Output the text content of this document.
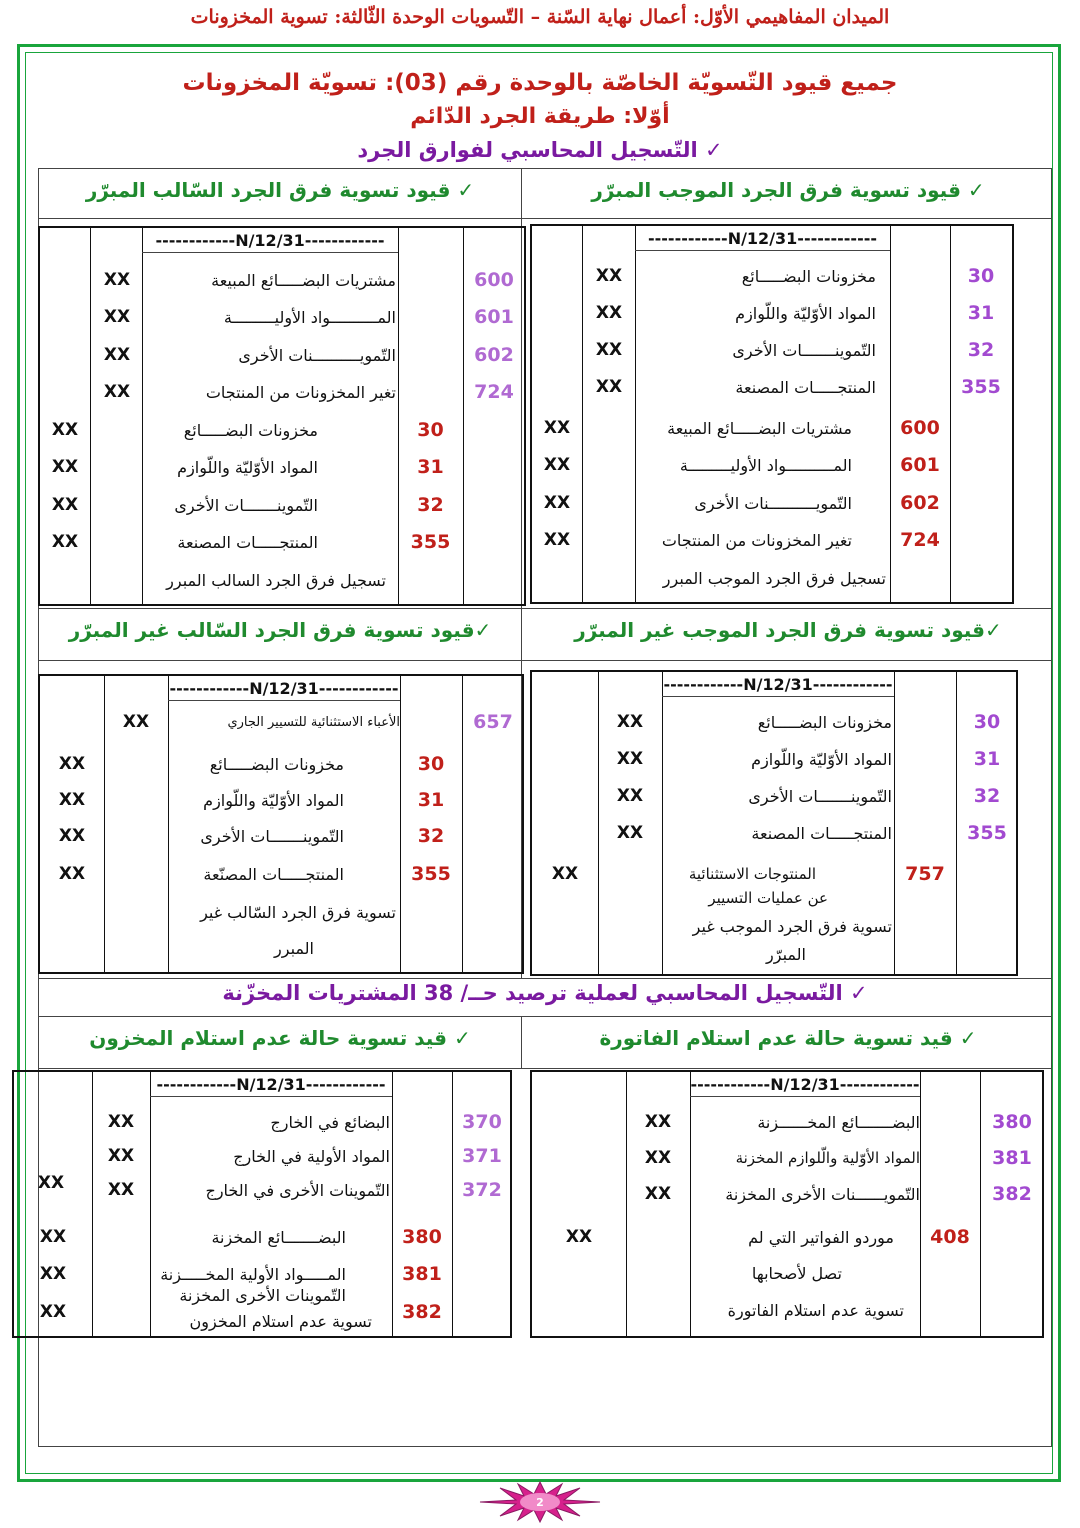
الميدان المفاهيمي الأوّل: أعمال نهاية السّنة – التّسويات الوحدة الثّالثة: تسوية المخزونات
جميع قيود التّسويّة الخاصّة بالوحدة رقم (03): تسويّة المخزونات
أوّلا: طريقة الجرد الدّائم
✓ التّسجيل المحاسبي لفوارق الجرد
✓ قيود تسوية فرق الجرد الموجب المبرّر
✓ قيود تسوية فرق الجرد السّالب المبرّر
✓قيود تسوية فرق الجرد الموجب غير المبرّر
✓قيود تسوية فرق الجرد السّالب غير المبرّر
✓ التّسجيل المحاسبي لعملية ترصيد حــ/ 38 المشتريات المخزّنة
✓ قيد تسوية حالة عدم استلام الفاتورة
✓ قيد تسوية حالة عدم استلام المخزون
------------N/12/31------------
30
مخزونات البضـــــائع
XX
31
المواد الأوّليّة واللّوازم
XX
32
التّموينـــــــات الأخرى
XX
355
المنتجـــــات المصنعة
XX
600
مشتريات البضـــــائع المبيعة
XX
601
المــــــــــواد الأوليـــــــــة
XX
602
التّمويــــــــــنات الأخرى
XX
724
تغير المخزونات من المنتجات
XX
تسجيل فرق الجرد الموجب المبرر
------------N/12/31------------
600
مشتريات البضـــــائع المبيعة
XX
601
المــــــــــواد الأوليـــــــــة
XX
602
التّمويــــــــــنات الأخرى
XX
724
تغير المخزونات من المنتجات
XX
30
مخزونات البضـــــائع
XX
31
المواد الأوّليّة واللّوازم
XX
32
التّموينـــــــات الأخرى
XX
355
المنتجـــــات المصنعة
XX
تسجيل فرق الجرد السالب المبرر
------------N/12/31------------
30
مخزونات البضـــــائع
XX
31
المواد الأوّليّة واللّوازم
XX
32
التّموينـــــــات الأخرى
XX
355
المنتجـــــات المصنعة
XX
757
المنتوجات الاستثنائية
XX
عن عمليات التسيير
تسوية فرق الجرد الموجب غير
المبرّر
------------N/12/31------------
657
الأعباء الاستثنائية للتسيير الجاري
XX
30
مخزونات البضـــــائع
XX
31
المواد الأوّليّة واللّوازم
XX
32
التّموينـــــــات الأخرى
XX
355
المنتجـــــات المصنّعة
XX
تسوية فرق الجرد السّالب غير
المبرر
------------N/12/31------------
380
البضـــــــائع المخــــــزنة
XX
381
المواد الأوّلية والّلوازم المخزنة
XX
382
التّمويــــــنات الأخرى المخزنة
XX
408
موردو الفواتير التي لم
XX
تصل لأصحابها
تسوية عدم استلام الفاتورة
------------N/12/31------------
370
البضائع في الخارج
XX
371
المواد الأولية في الخارج
XX
372
التّموينات الأخرى في الخارج
XX
380
البضـــــــائع المخزنة
XX
381
المـــــواد الأولية المخـــــزنة
XX
التّموينات الأخرى المخزنة
382
XX	تسوية عدم استلام المخزون
XX
2
